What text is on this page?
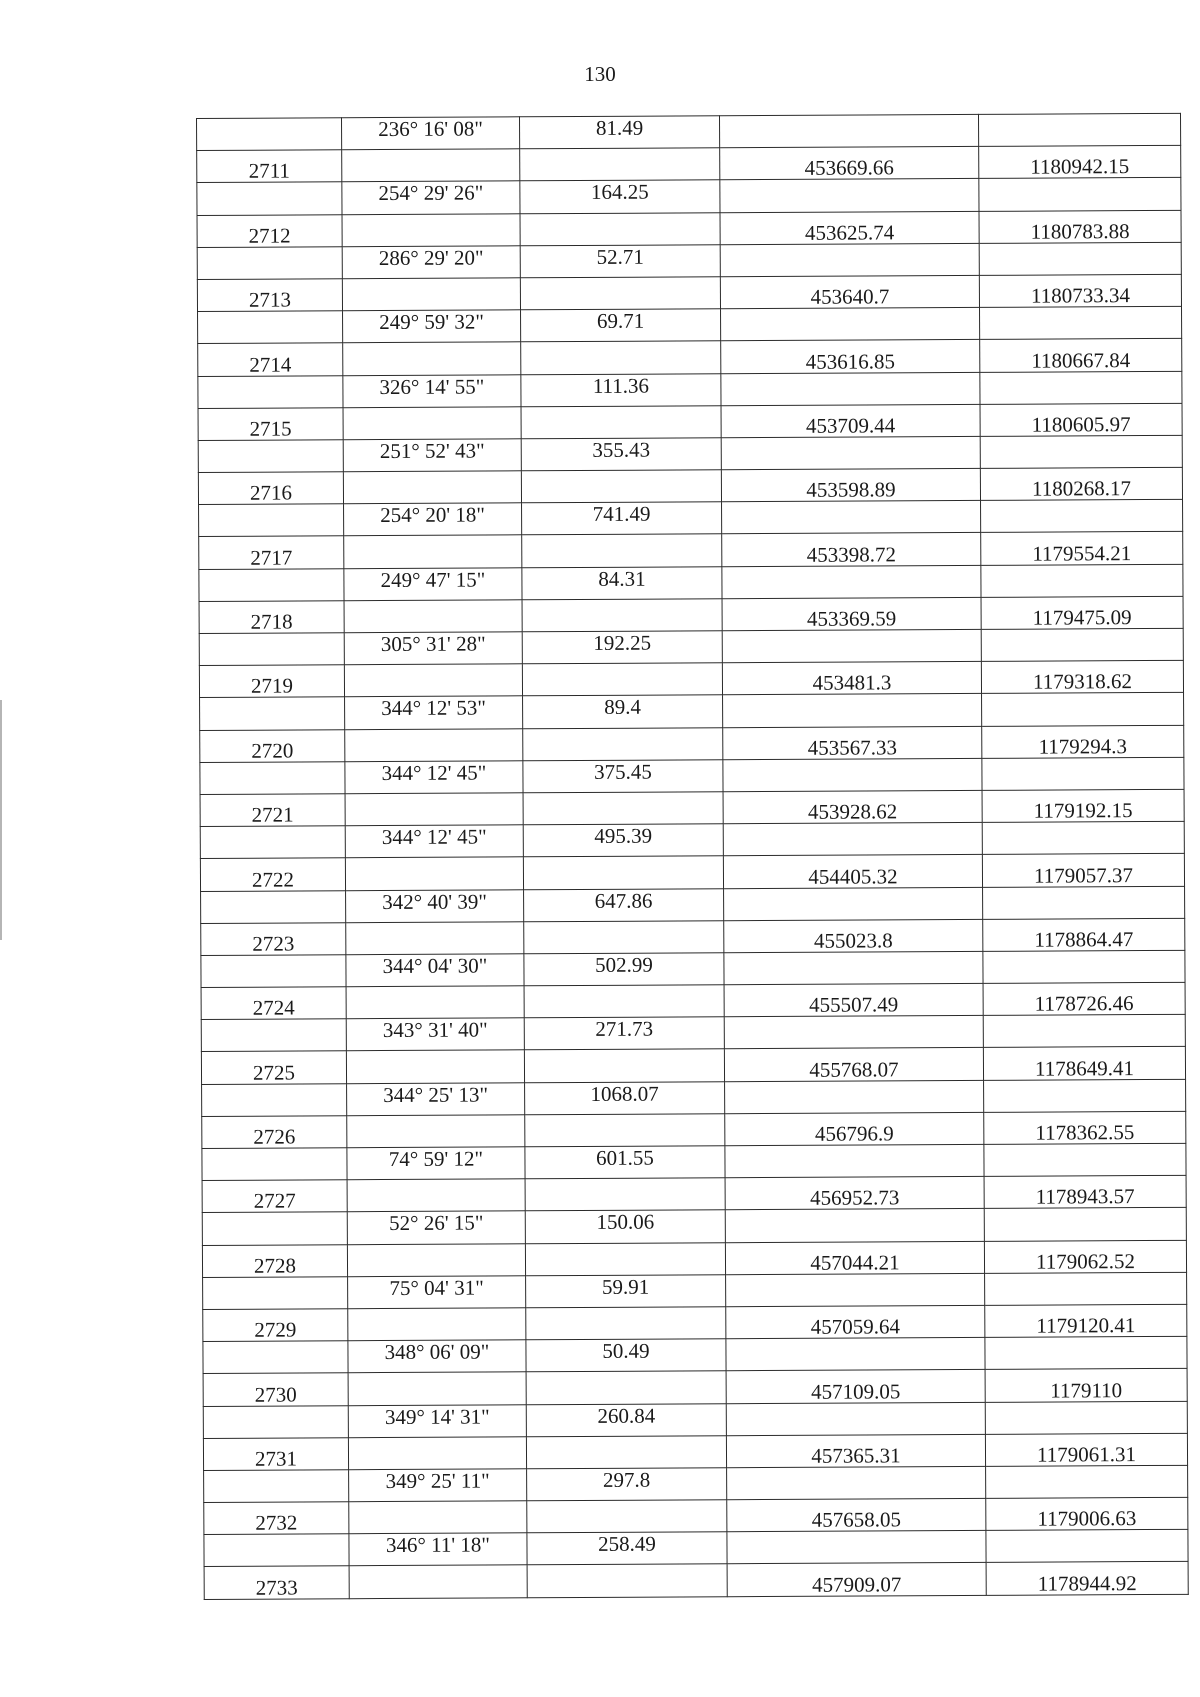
130
	236° 16' 08"	81.49		
2711			453669.66	1180942.15
	254° 29' 26"	164.25		
2712			453625.74	1180783.88
	286° 29' 20"	52.71		
2713			453640.7	1180733.34
	249° 59' 32"	69.71		
2714			453616.85	1180667.84
	326° 14' 55"	111.36		
2715			453709.44	1180605.97
	251° 52' 43"	355.43		
2716			453598.89	1180268.17
	254° 20' 18"	741.49		
2717			453398.72	1179554.21
	249° 47' 15"	84.31		
2718			453369.59	1179475.09
	305° 31' 28"	192.25		
2719			453481.3	1179318.62
	344° 12' 53"	89.4		
2720			453567.33	1179294.3
	344° 12' 45"	375.45		
2721			453928.62	1179192.15
	344° 12' 45"	495.39		
2722			454405.32	1179057.37
	342° 40' 39"	647.86		
2723			455023.8	1178864.47
	344° 04' 30"	502.99		
2724			455507.49	1178726.46
	343° 31' 40"	271.73		
2725			455768.07	1178649.41
	344° 25' 13"	1068.07		
2726			456796.9	1178362.55
	74° 59' 12"	601.55		
2727			456952.73	1178943.57
	52° 26' 15"	150.06		
2728			457044.21	1179062.52
	75° 04' 31"	59.91		
2729			457059.64	1179120.41
	348° 06' 09"	50.49		
2730			457109.05	1179110
	349° 14' 31"	260.84		
2731			457365.31	1179061.31
	349° 25' 11"	297.8		
2732			457658.05	1179006.63
	346° 11' 18"	258.49		
2733			457909.07	1178944.92
